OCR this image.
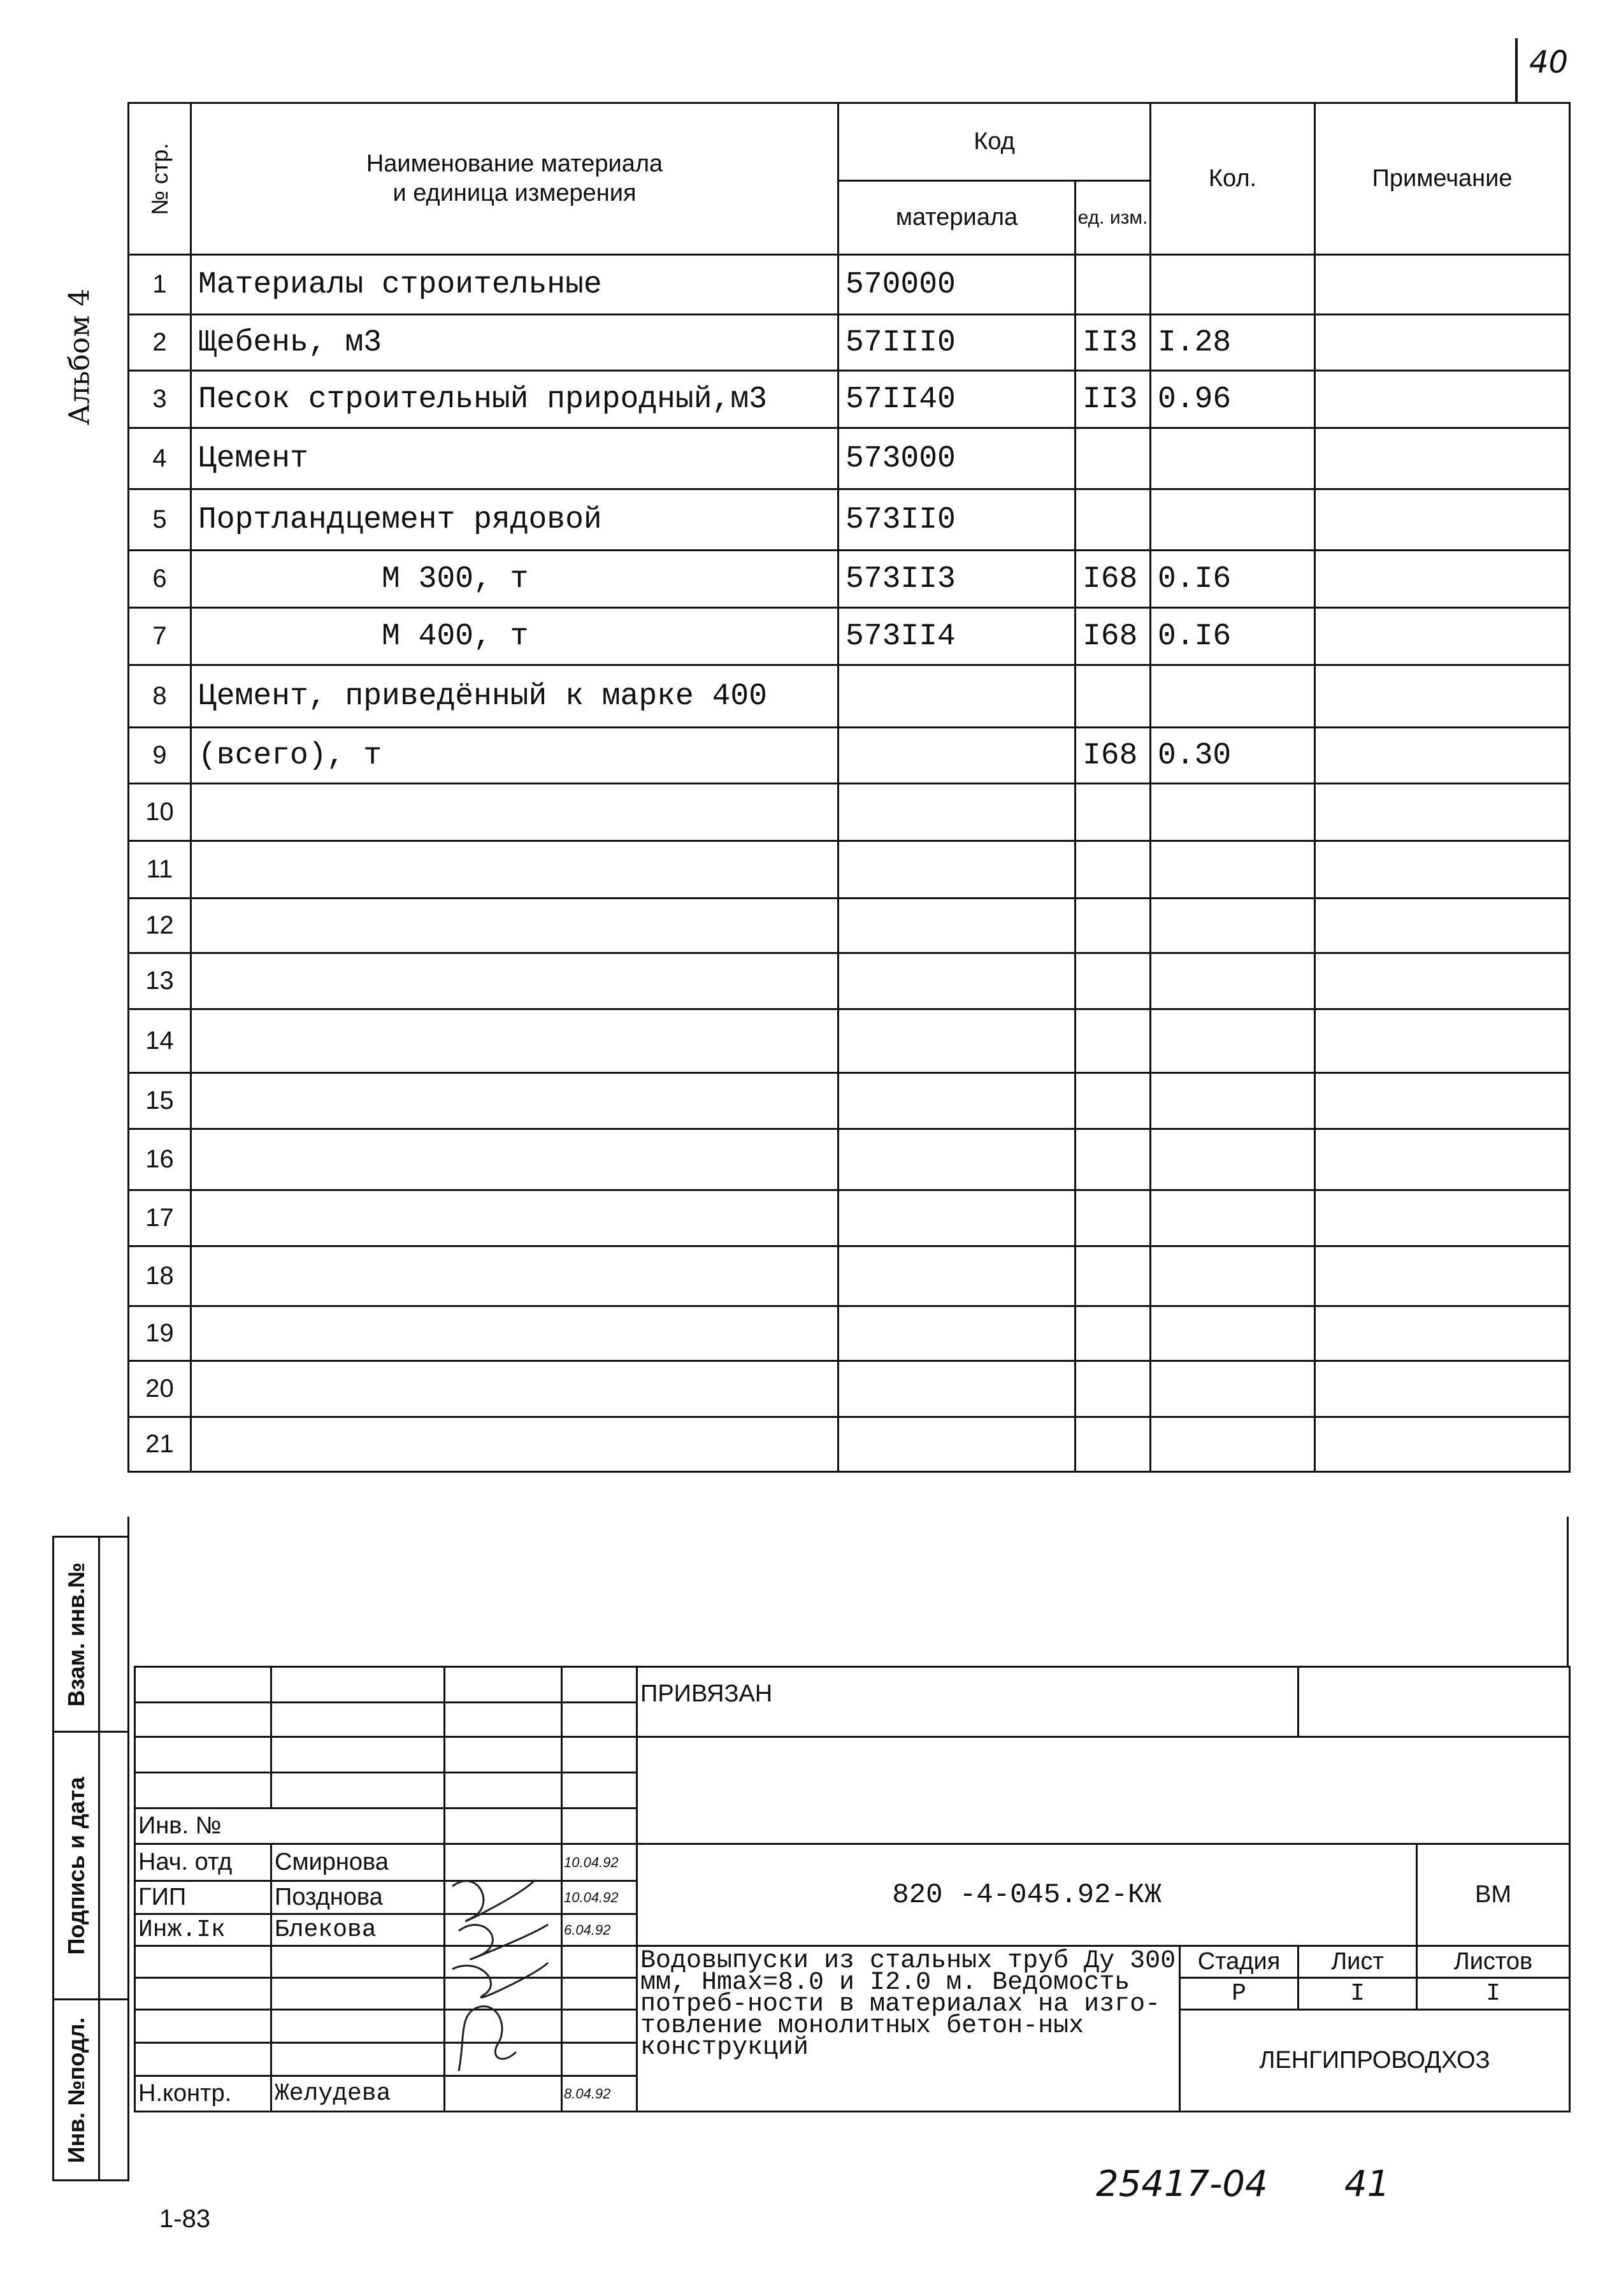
40
Альбом 4
№ стр.	Наименование материала
и единица измерения	Код		Кол.	Примечание
		материала	ед. изм.		
1	Материалы строительные	570000			
2	Щебень, м3	57III0	II3	I.28	
3	Песок строительный природный,м3	57II40	II3	0.96	
4	Цемент	573000			
5	Портландцемент рядовой	573II0			
6	М 300, т	573II3	I68	0.I6	
7	М 400, т	573II4	I68	0.I6	
8	Цемент, приведённый к марке 400				
9	(всего), т		I68	0.30	
10					
11					
12					
13					
14					
15					
16					
17					
18					
19					
20					
21					
Взам. инв.№	

Подпись и дата	

Инв. №подл.	

				ПРИВЯЗАН			

Инв. №							
Нач. отд	Смирнова		10.04.92	820 -4-045.92-КЖ			ВМ
ГИП	Позднова		10.04.92				
Инж.Iк	Блекова		6.04.92				
				Водовыпуски из стальных труб Ду 300 мм, Hmax=8.0 и I2.0 м. Ведомость потреб-ности в материалах на изго-товление монолитных бетон-ных конструкций	Стадия	Лист	Листов
					Р	I	I
					ЛЕНГИПРОВОДХОЗ		

Н.контр.	Желудева		8.04.92				
1-83
25417-04 41
